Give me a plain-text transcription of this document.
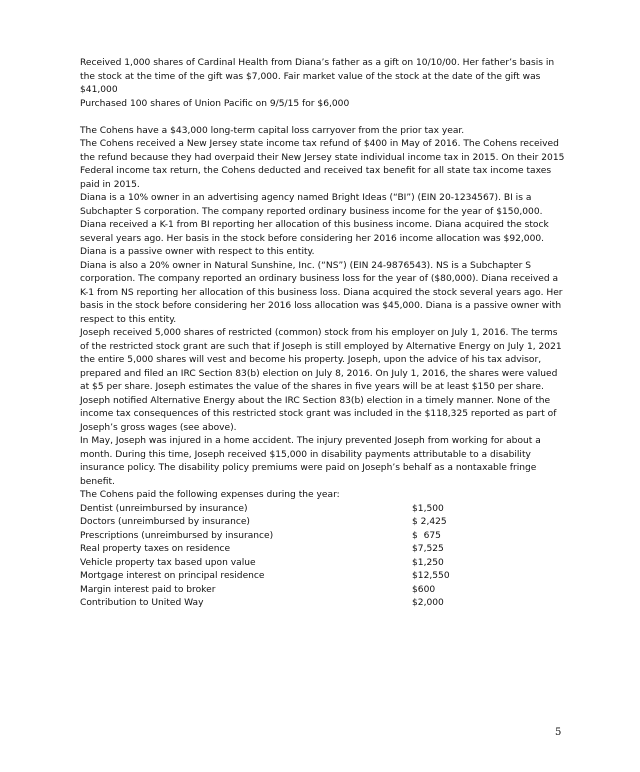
Received 1,000 shares of Cardinal Health from Diana’s father as a gift on 10/10/00. Her father’s basis in the stock at the time of the gift was $7,000. Fair market value of the stock at the date of the gift was $41,000

Purchased 100 shares of Union Pacific on 9/5/15 for $6,000

The Cohens have a $43,000 long-term capital loss carryover from the prior tax year.

The Cohens received a New Jersey state income tax refund of $400 in May of 2016. The Cohens received the refund because they had overpaid their New Jersey state individual income tax in 2015. On their 2015 Federal income tax return, the Cohens deducted and received tax benefit for all state tax income taxes paid in 2015.

Diana is a 10% owner in an advertising agency named Bright Ideas (“BI”) (EIN 20-1234567). BI is a Subchapter S corporation. The company reported ordinary business income for the year of $150,000. Diana received a K-1 from BI reporting her allocation of this business income. Diana acquired the stock several years ago. Her basis in the stock before considering her 2016 income allocation was $92,000. Diana is a passive owner with respect to this entity.

Diana is also a 20% owner in Natural Sunshine, Inc. (“NS”) (EIN 24-9876543). NS is a Subchapter S corporation. The company reported an ordinary business loss for the year of ($80,000). Diana received a K-1 from NS reporting her allocation of this business loss. Diana acquired the stock several years ago. Her basis in the stock before considering her 2016 loss allocation was $45,000. Diana is a passive owner with respect to this entity.

Joseph received 5,000 shares of restricted (common) stock from his employer on July 1, 2016. The terms of the restricted stock grant are such that if Joseph is still employed by Alternative Energy on July 1, 2021 the entire 5,000 shares will vest and become his property. Joseph, upon the advice of his tax advisor, prepared and filed an IRC Section 83(b) election on July 8, 2016. On July 1, 2016, the shares were valued at $5 per share. Joseph estimates the value of the shares in five years will be at least $150 per share. Joseph notified Alternative Energy about the IRC Section 83(b) election in a timely manner. None of the income tax consequences of this restricted stock grant was included in the $118,325 reported as part of Joseph’s gross wages (see above).

In May, Joseph was injured in a home accident. The injury prevented Joseph from working for about a month. During this time, Joseph received $15,000 in disability payments attributable to a disability insurance policy. The disability policy premiums were paid on Joseph’s behalf as a nontaxable fringe benefit.

The Cohens paid the following expenses during the year:

Dentist (unreimbursed by insurance)	$1,500
Doctors (unreimbursed by insurance)	$ 2,425
Prescriptions (unreimbursed by insurance)	$  675
Real property taxes on residence	$7,525
Vehicle property tax based upon value	$1,250
Mortgage interest on principal residence	$12,550
Margin interest paid to broker	$600
Contribution to United Way	$2,000
5
